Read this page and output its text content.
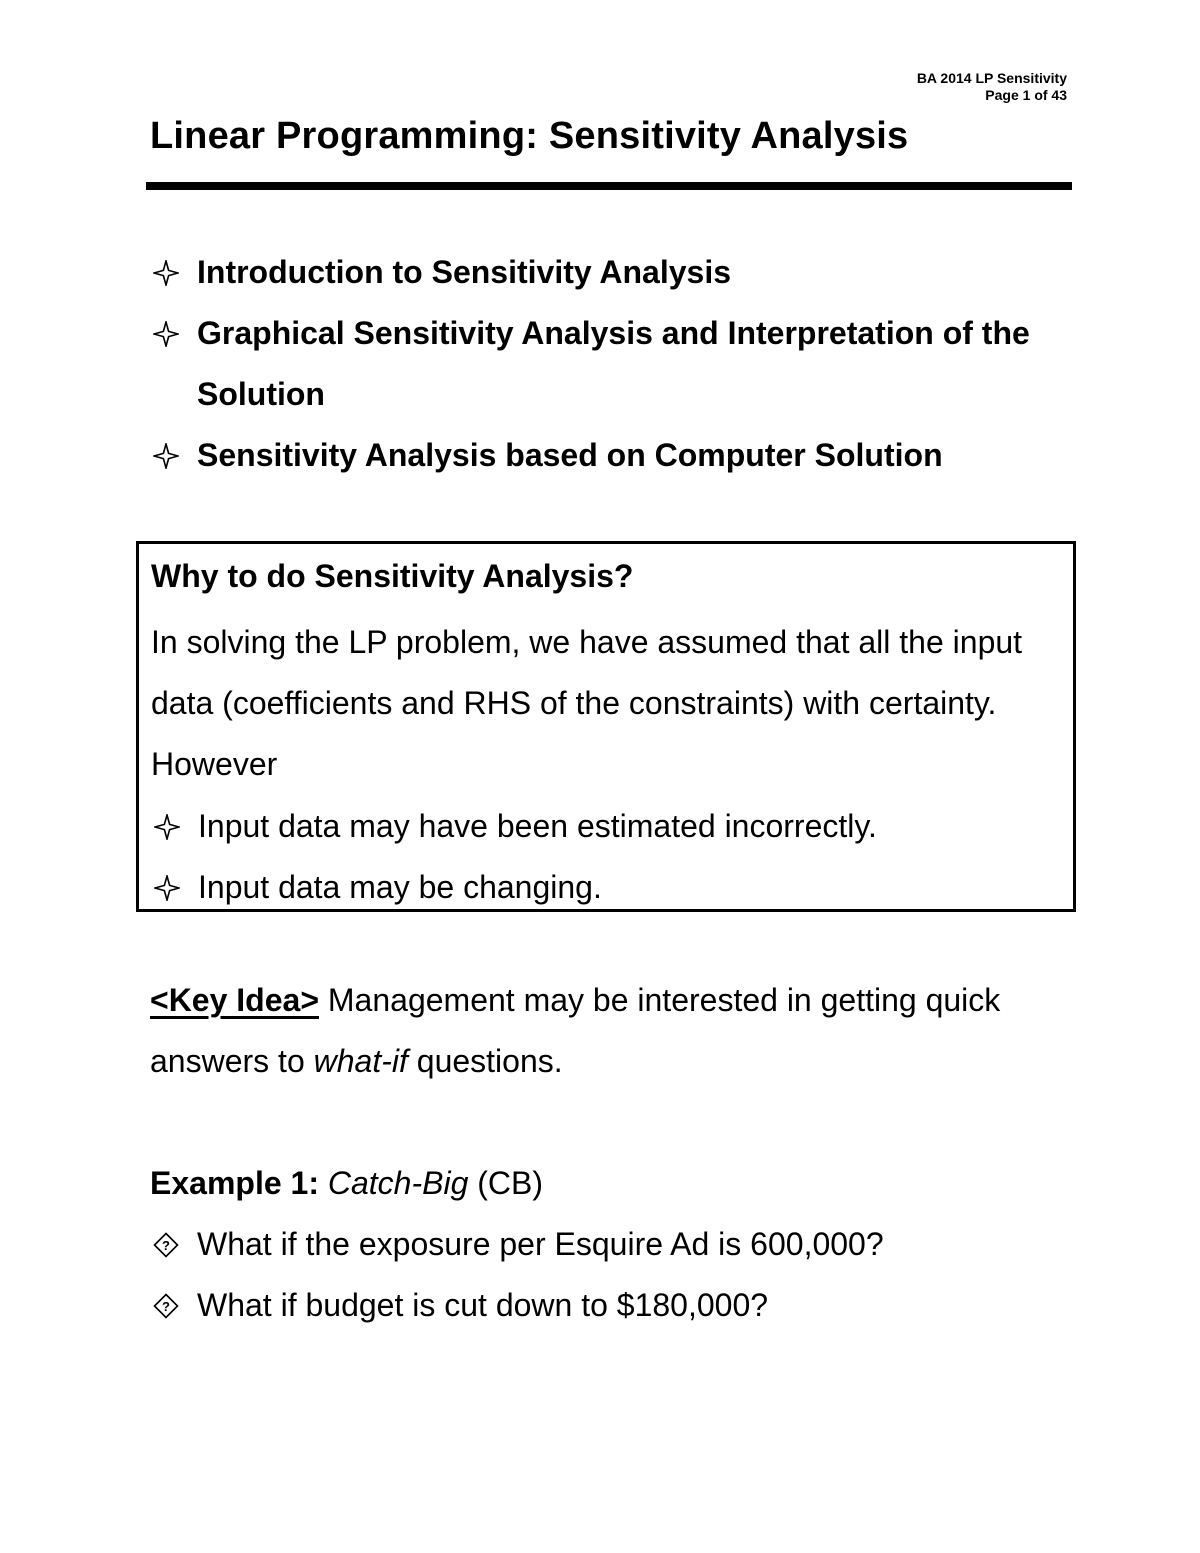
BA 2014 LP Sensitivity
Page 1 of 43
Linear Programming: Sensitivity Analysis
Introduction to Sensitivity Analysis
Graphical Sensitivity Analysis and Interpretation of the Solution
Sensitivity Analysis based on Computer Solution
Why to do Sensitivity Analysis?

In solving the LP problem, we have assumed that all the input data (coefficients and RHS of the constraints) with certainty. However

Input data may have been estimated incorrectly.
Input data may be changing.

<Key Idea> Management may be interested in getting quick answers to what-if questions.

Example 1: Catch-Big (CB)

? What if the exposure per Esquire Ad is 600,000?
? What if budget is cut down to $180,000?
